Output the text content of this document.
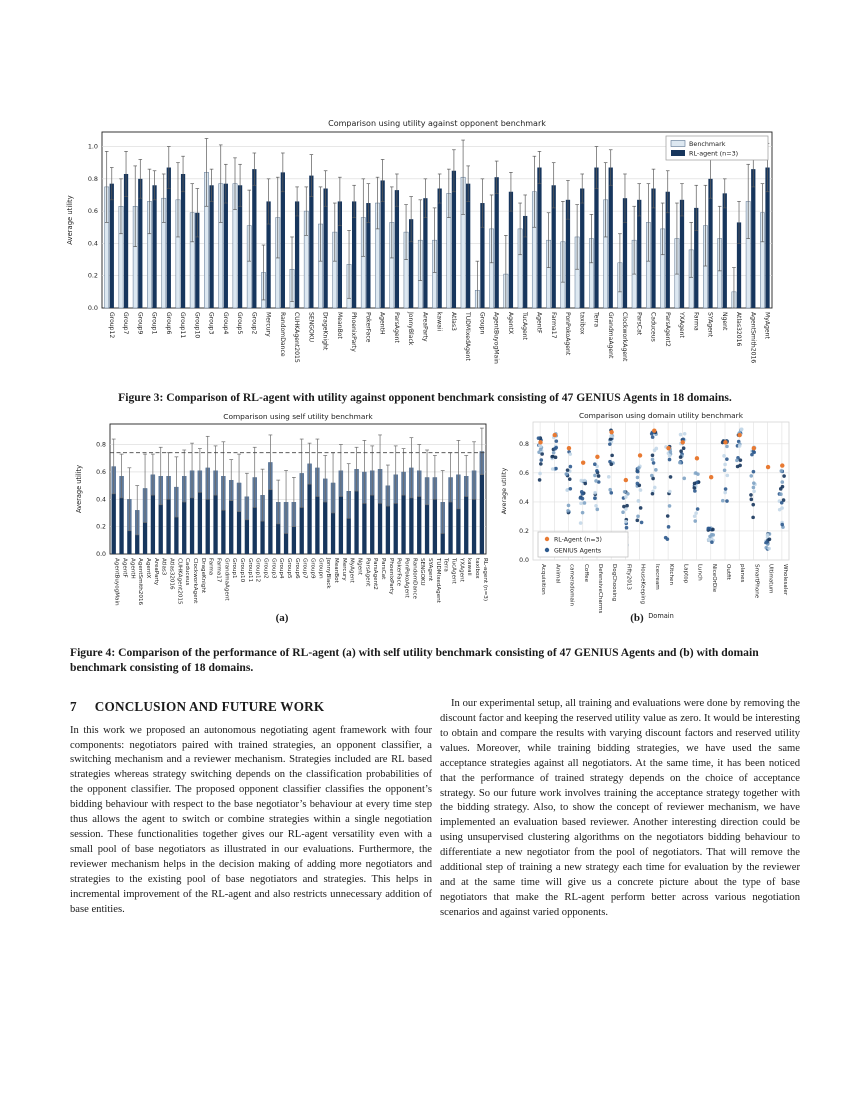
0.0
0.2
0.4
0.6
0.8
1.0
Average utility
Comparison using utility against opponent benchmark
Group12 Group7 Group9 Group1 Group6 Group11 Group10 Group3 Group4 Group5 Group2 Mercury RandomDance CUHKAgent2015 SENGOKU DrageKnight MeanBot PhoenixParty PokerFace AgentH ParsAgent JonnyBlack AreaParty kawaii Atlas3 TUDMixedAgent Groupn AgentBuyogMain AgentX TucAgent AgentF Farma17 PonPokoAgent taxibox Terra GrandmaAgent ClockworkAgent ParsCat Caduceus ParsAgent2 YXAgent Farma SYAgent Ngent Atlas32016 AgentSmith2016 MyAgent
Benchmark
RL-agent (n=3)
Figure 3: Comparison of RL-agent with utility against opponent benchmark consisting of 47 GENIUS Agents in 18 domains.
0.0
0.2
0.4
0.6
0.8
Average utility
Comparison using self utility benchmark
AgentBuyogMain AgentF AgentH AgentSmith2016 AgentX AreaParty Atlas3 Atlas32016 CUHKAgent2015 Caduceus ClockworkAgent DrageKnight Farma Farma17 GrandmaAgent Group1 Group10 Group11 Group12 Group2 Group3 Group4 Group5 Group6 Group7 Group9 Groupn JonnyBlack MeanBot Mercury MyAgent Ngent ParsAgent ParsAgent2 ParsCat PhoenixParty PokerFace PonPokoAgent RandomDance SENGOKU SYAgent TUDMixedAgent Terra TucAgent YXAgent kawaii taxibox RL-agent (n=3)	0.0
0.2
0.4
0.6
0.8
Average utility
Comparison using domain utility benchmark
Acquisition Animal cameradomain Coffee DefensiveCharms DogChoosing Fifty2013 HouseKeeping Icecream Kitchen Laptop Lunch NiceOrDie Outfit planes SmartPhone Ultimatum Wholesaler
Domain
RL-Agent (n=3)
GENIUS Agents
(a)	(b)
Figure 4: Comparison of the performance of RL-agent (a) with self utility benchmark consisting of 47 GENIUS Agents and (b) with domain benchmark consisting of 18 domains.
7 CONCLUSION AND FUTURE WORK

In this work we proposed an autonomous negotiating agent framework with four components: negotiators paired with trained strategies, an opponent classifier, a switching mechanism and a reviewer mechanism. Strategies included are RL based strategies whereas strategy switching depends on the classification probabilities of the opponent classifier. The proposed opponent classifier classifies the opponent’s bidding behaviour with respect to the base negotiator’s behaviour at every time step thus allows the agent to switch or combine strategies within a single negotiation session. These functionalities together gives our RL-agent versatility even with a small pool of base negotiators as illustrated in our evaluations. Furthermore, the reviewer mechanism helps in the decision making of adding more negotiators and strategies to the existing pool of base negotiators and strategies. This helps in incremental improvement of the RL-agent and also restricts unnecessary addition of base entities.

In our experimental setup, all training and evaluations were done by removing the discount factor and keeping the reserved utility value as zero. It would be interesting to obtain and compare the results with varying discount factors and reserved utility values. Moreover, while training bidding strategies, we have used the same acceptance strategies against all negotiators. At the same time, it has been noticed that the performance of trained strategy depends on the choice of acceptance strategy. So our future work involves training the acceptance strategy together with the bidding strategy. Also, to show the concept of reviewer mechanism, we have implemented an evaluation based reviewer. Another interesting direction could be using unsupervised clustering algorithms on the negotiators bidding behaviour to differentiate a new negotiator from the pool of negotiators. That will remove the additional step of training a new strategy each time for evaluation by the reviewer and at the same time will give us a concrete picture about the type of base negotiators that make the RL-agent perform better across various negotiation scenarios and against varied opponents.
